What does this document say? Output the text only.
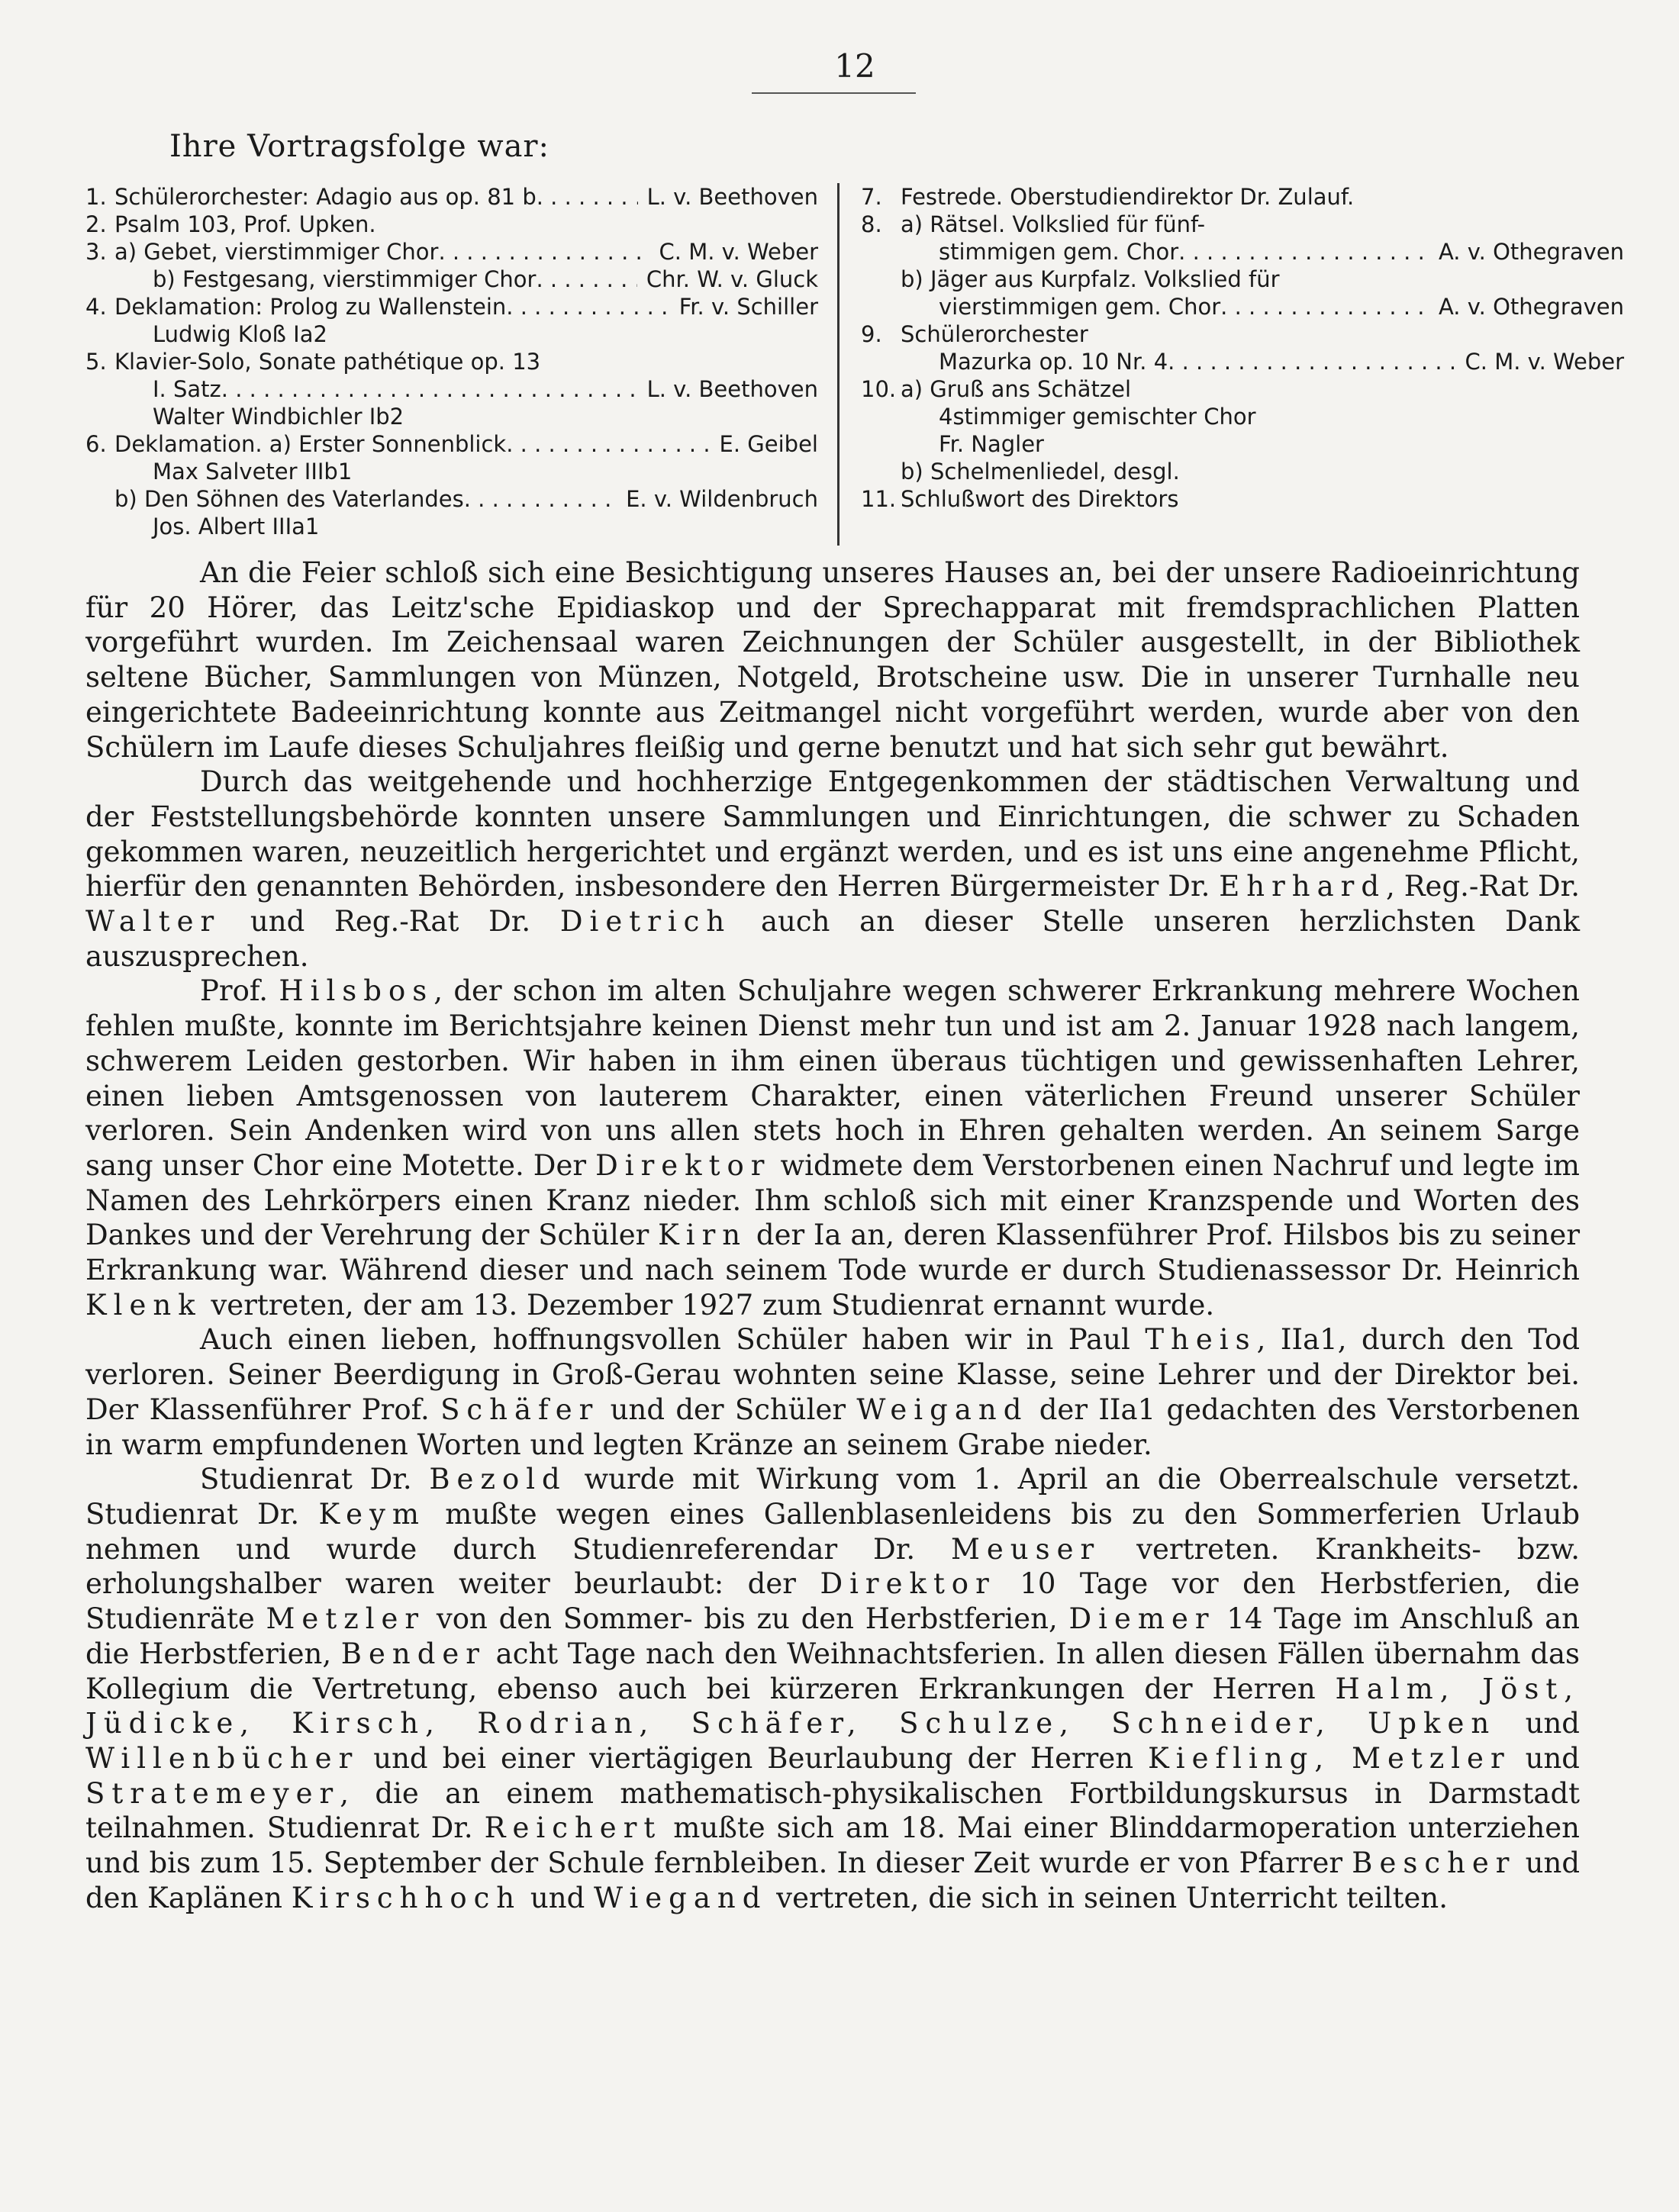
12
Ihre Vortragsfolge war:
1. Schülerorchester: Adagio aus op. 81 b . . .	L. v. Beethoven
2. Psalm 103, Prof. Upken.
3. a) Gebet, vierstimmiger Chor . . .	C. M. v. Weber
b) Festgesang, vierstimmiger Chor . . .	Chr. W. v. Gluck
4. Deklamation: Prolog zu Wallenstein . . .	Fr. v. Schiller
Ludwig Kloß Ia2
5. Klavier-Solo, Sonate pathétique op. 13
I. Satz . . .	L. v. Beethoven
Walter Windbichler Ib2
6. Deklamation. a) Erster Sonnenblick . . .	E. Geibel
Max Salveter IIIb1
b) Den Söhnen des Vaterlandes . . .	E. v. Wildenbruch
Jos. Albert IIIa1
7. Festrede. Oberstudiendirektor Dr. Zulauf.
8. a) Rätsel. Volkslied für fünf-
stimmigen gem. Chor . . .	A. v. Othegraven
b) Jäger aus Kurpfalz. Volkslied für
vierstimmigen gem. Chor . . .	A. v. Othegraven
9. Schülerorchester
Mazurka op. 10 Nr. 4 . . .	C. M. v. Weber
10. a) Gruß ans Schätzel
4stimmiger gemischter Chor
Fr. Nagler
b) Schelmenliedel, desgl.
11. Schlußwort des Direktors

An die Feier schloß sich eine Besichtigung unseres Hauses an, bei der unsere Radioeinrichtung für 20 Hörer, das Leitz'sche Epidiaskop und der Sprechapparat mit fremdsprachlichen Platten vorgeführt wurden. Im Zeichensaal waren Zeichnungen der Schüler ausgestellt, in der Bibliothek seltene Bücher, Sammlungen von Münzen, Notgeld, Brotscheine usw. Die in unserer Turnhalle neu eingerichtete Badeeinrichtung konnte aus Zeitmangel nicht vorgeführt werden, wurde aber von den Schülern im Laufe dieses Schuljahres fleißig und gerne benutzt und hat sich sehr gut bewährt.

Durch das weitgehende und hochherzige Entgegenkommen der städtischen Verwaltung und der Feststellungsbehörde konnten unsere Sammlungen und Einrichtungen, die schwer zu Schaden gekommen waren, neuzeitlich hergerichtet und ergänzt werden, und es ist uns eine angenehme Pflicht, hierfür den genannten Behörden, insbesondere den Herren Bürgermeister Dr. Ehrhard, Reg.-Rat Dr. Walter und Reg.-Rat Dr. Dietrich auch an dieser Stelle unseren herzlichsten Dank auszusprechen.

Prof. Hilsbos, der schon im alten Schuljahre wegen schwerer Erkrankung mehrere Wochen fehlen mußte, konnte im Berichtsjahre keinen Dienst mehr tun und ist am 2. Januar 1928 nach langem, schwerem Leiden gestorben. Wir haben in ihm einen überaus tüchtigen und gewissenhaften Lehrer, einen lieben Amtsgenossen von lauterem Charakter, einen väterlichen Freund unserer Schüler verloren. Sein Andenken wird von uns allen stets hoch in Ehren gehalten werden. An seinem Sarge sang unser Chor eine Motette. Der Direktor widmete dem Verstorbenen einen Nachruf und legte im Namen des Lehrkörpers einen Kranz nieder. Ihm schloß sich mit einer Kranzspende und Worten des Dankes und der Verehrung der Schüler Kirn der Ia an, deren Klassenführer Prof. Hilsbos bis zu seiner Erkrankung war. Während dieser und nach seinem Tode wurde er durch Studienassessor Dr. Heinrich Klenk vertreten, der am 13. Dezember 1927 zum Studienrat ernannt wurde.

Auch einen lieben, hoffnungsvollen Schüler haben wir in Paul Theis, IIa1, durch den Tod verloren. Seiner Beerdigung in Groß-Gerau wohnten seine Klasse, seine Lehrer und der Direktor bei. Der Klassenführer Prof. Schäfer und der Schüler Weigand der IIa1 gedachten des Verstorbenen in warm empfundenen Worten und legten Kränze an seinem Grabe nieder.

Studienrat Dr. Bezold wurde mit Wirkung vom 1. April an die Oberrealschule versetzt. Studienrat Dr. Keym mußte wegen eines Gallenblasenleidens bis zu den Sommerferien Urlaub nehmen und wurde durch Studienreferendar Dr. Meuser vertreten. Krankheits- bzw. erholungshalber waren weiter beurlaubt: der Direktor 10 Tage vor den Herbstferien, die Studienräte Metzler von den Sommer- bis zu den Herbstferien, Diemer 14 Tage im Anschluß an die Herbstferien, Bender acht Tage nach den Weihnachtsferien. In allen diesen Fällen übernahm das Kollegium die Vertretung, ebenso auch bei kürzeren Erkrankungen der Herren Halm, Jöst, Jüdicke, Kirsch, Rodrian, Schäfer, Schulze, Schneider, Upken und Willenbücher und bei einer viertägigen Beurlaubung der Herren Kiefling, Metzler und Stratemeyer, die an einem mathematisch-physikalischen Fortbildungskursus in Darmstadt teilnahmen. Studienrat Dr. Reichert mußte sich am 18. Mai einer Blinddarmoperation unterziehen und bis zum 15. September der Schule fernbleiben. In dieser Zeit wurde er von Pfarrer Bescher und den Kaplänen Kirschhoch und Wiegand vertreten, die sich in seinen Unterricht teilten.
